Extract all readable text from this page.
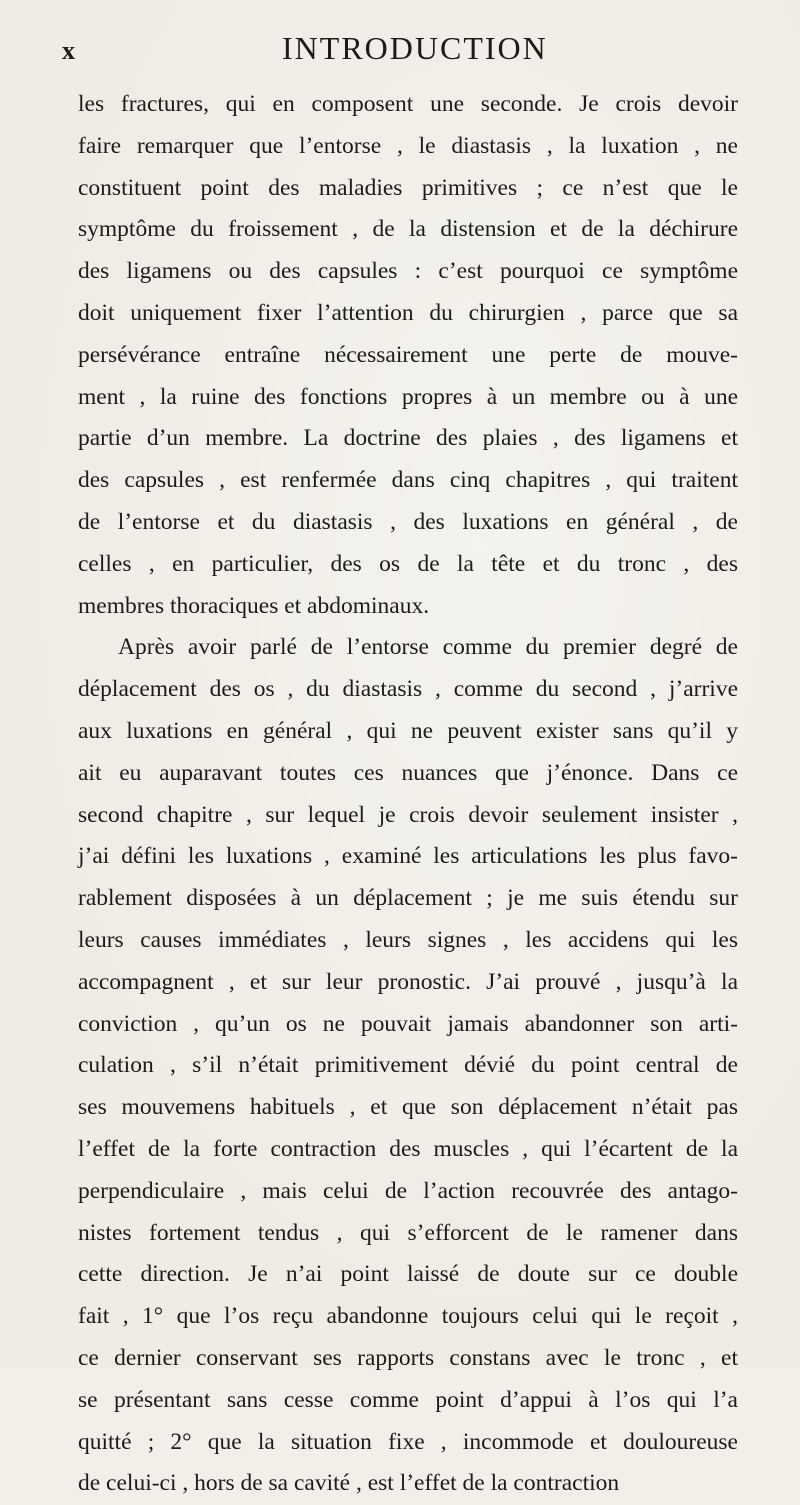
x	INTRODUCTION
les fractures, qui en composent une seconde. Je crois devoir
faire remarquer que l’entorse , le diastasis , la luxation , ne
constituent point des maladies primitives ; ce n’est que le
symptôme du froissement , de la distension et de la déchirure
des ligamens ou des capsules : c’est pourquoi ce symptôme
doit uniquement fixer l’attention du chirurgien , parce que sa
persévérance entraîne nécessairement une perte de mouve-
ment , la ruine des fonctions propres à un membre ou à une
partie d’un membre. La doctrine des plaies , des ligamens et
des capsules , est renfermée dans cinq chapitres , qui traitent
de l’entorse et du diastasis , des luxations en général , de
celles , en particulier, des os de la tête et du tronc , des
membres thoraciques et abdominaux.
Après avoir parlé de l’entorse comme du premier degré de
déplacement des os , du diastasis , comme du second , j’arrive
aux luxations en général , qui ne peuvent exister sans qu’il y
ait eu auparavant toutes ces nuances que j’énonce. Dans ce
second chapitre , sur lequel je crois devoir seulement insister ,
j’ai défini les luxations , examiné les articulations les plus favo-
rablement disposées à un déplacement ; je me suis étendu sur
leurs causes immédiates , leurs signes , les accidens qui les
accompagnent , et sur leur pronostic. J’ai prouvé , jusqu’à la
conviction , qu’un os ne pouvait jamais abandonner son arti-
culation , s’il n’était primitivement dévié du point central de
ses mouvemens habituels , et que son déplacement n’était pas
l’effet de la forte contraction des muscles , qui l’écartent de la
perpendiculaire , mais celui de l’action recouvrée des antago-
nistes fortement tendus , qui s’efforcent de le ramener dans
cette direction. Je n’ai point laissé de doute sur ce double
fait , 1° que l’os reçu abandonne toujours celui qui le reçoit ,
ce dernier conservant ses rapports constans avec le tronc , et
se présentant sans cesse comme point d’appui à l’os qui l’a
quitté ; 2° que la situation fixe , incommode et douloureuse
de celui-ci , hors de sa cavité , est l’effet de la contraction
